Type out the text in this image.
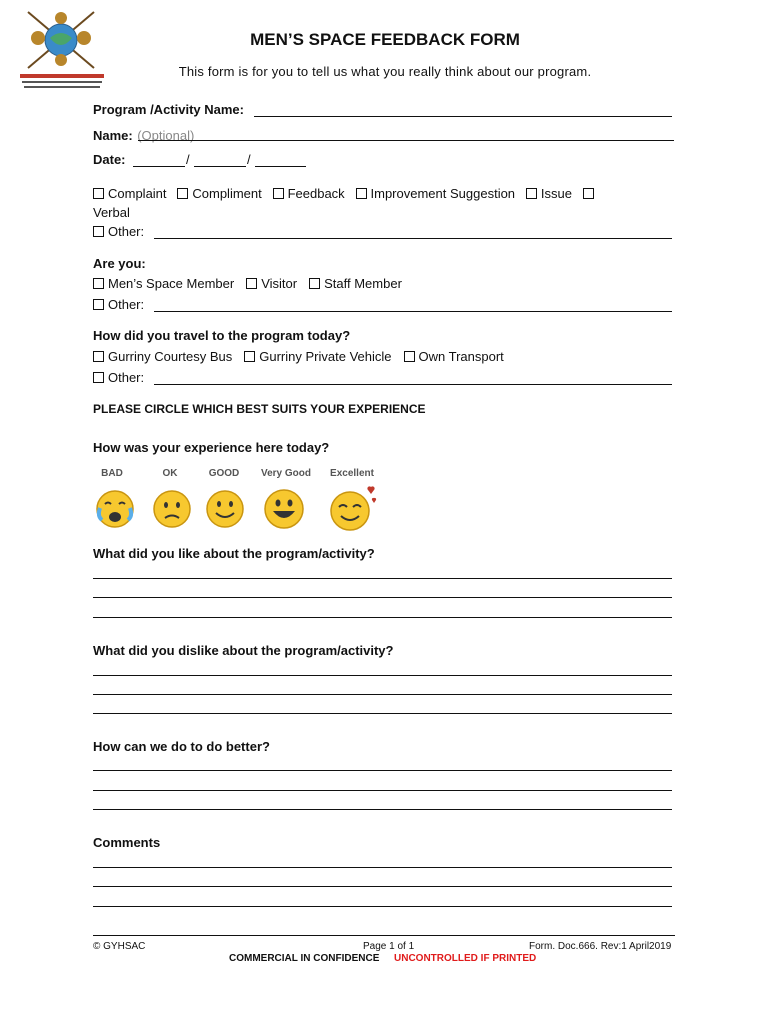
MEN’S SPACE FEEDBACK FORM
This form is for you to tell us what you really think about our program.
Program /Activity Name:
Name:
(Optional)
Date:	/	/
Complaint Compliment Feedback Improvement Suggestion Issue
Verbal
Other:
Are you:
Men’s Space Member	Visitor	Staff Member
Other:
How did you travel to the program today?
Gurriny Courtesy Bus	Gurriny Private Vehicle	Own Transport
Other:
PLEASE CIRCLE WHICH BEST SUITS YOUR EXPERIENCE
How was your experience here today?
BAD	OK	GOOD	Very Good	Excellent
What did you like about the program/activity?
What did you dislike about the program/activity?
How can we do to do better?
Comments
© GYHSAC	Page 1 of 1	Form. Doc.666. Rev:1 April2019
COMMERCIAL IN CONFIDENCE UNCONTROLLED IF PRINTED
